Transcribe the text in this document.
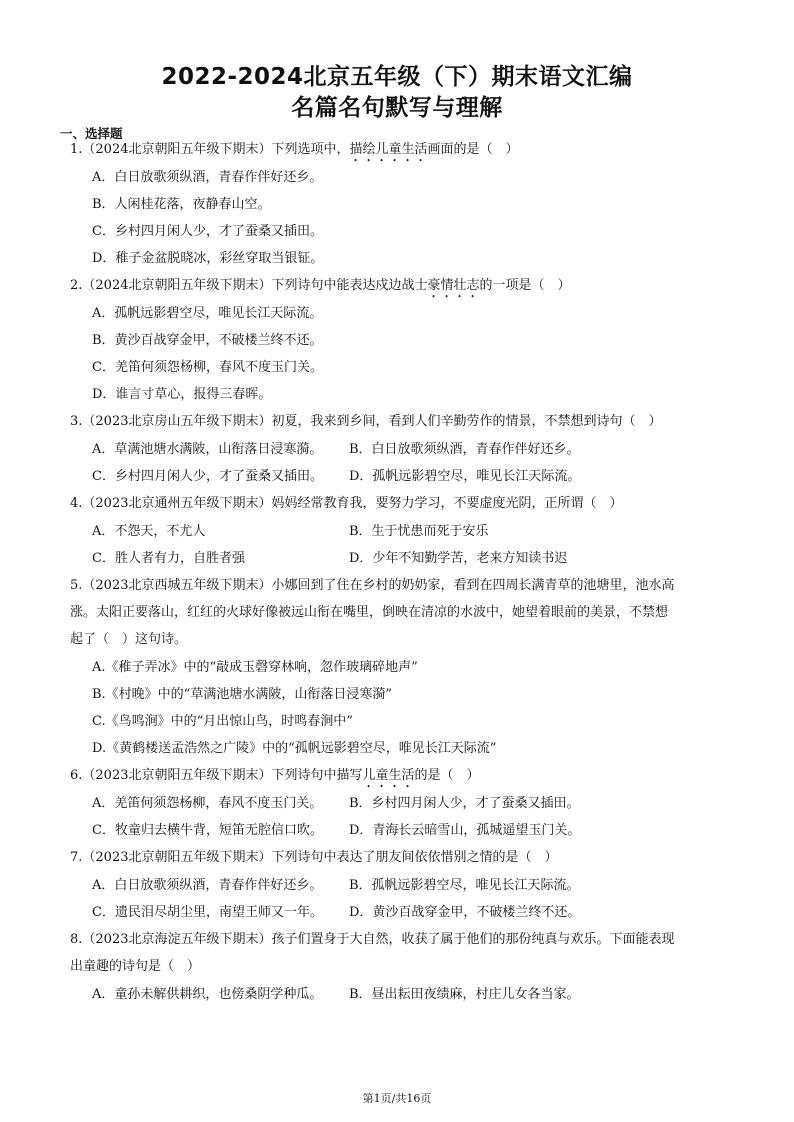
2022-2024北京五年级（下）期末语文汇编
名篇名句默写与理解
一、选择题
1.（2024北京朝阳五年级下期末）下列选项中，描绘儿童生活画面的是（　）
A．白日放歌须纵酒，青春作伴好还乡。
B．人闲桂花落，夜静春山空。
C．乡村四月闲人少，才了蚕桑又插田。
D．稚子金盆脱晓冰，彩丝穿取当银钲。
2.（2024北京朝阳五年级下期末）下列诗句中能表达戍边战士豪情壮志的一项是（　）
A．孤帆远影碧空尽，唯见长江天际流。
B．黄沙百战穿金甲，不破楼兰终不还。
C．羌笛何须怨杨柳，春风不度玉门关。
D．谁言寸草心，报得三春晖。
3.（2023北京房山五年级下期末）初夏，我来到乡间，看到人们辛勤劳作的情景，不禁想到诗句（　）
A．草满池塘水满陂，山衔落日浸寒漪。 B．白日放歌须纵酒，青春作伴好还乡。
C．乡村四月闲人少，才了蚕桑又插田。 D．孤帆远影碧空尽，唯见长江天际流。
4.（2023北京通州五年级下期末）妈妈经常教育我，要努力学习，不要虚度光阴，正所谓（　）
A．不怨天，不尤人	B．生于忧患而死于安乐
C．胜人者有力，自胜者强	D．少年不知勤学苦，老来方知读书迟
5.（2023北京西城五年级下期末）小娜回到了住在乡村的奶奶家，看到在四周长满青草的池塘里，池水高
涨。太阳正要落山，红红的火球好像被远山衔在嘴里，倒映在清凉的水波中，她望着眼前的美景，不禁想
起了（　）这句诗。
A.《稚子弄冰》中的“敲成玉磬穿林响，忽作玻璃碎地声”
B.《村晚》中的“草满池塘水满陂，山衔落日浸寒漪”
C.《鸟鸣涧》中的“月出惊山鸟，时鸣春涧中”
D.《黄鹤楼送孟浩然之广陵》中的“孤帆远影碧空尽，唯见长江天际流”
6.（2023北京朝阳五年级下期末）下列诗句中描写儿童生活的是（　）
A．羌笛何须怨杨柳，春风不度玉门关。 B．乡村四月闲人少，才了蚕桑又插田。
C．牧童归去横牛背，短笛无腔信口吹。 D．青海长云暗雪山，孤城遥望玉门关。
7.（2023北京朝阳五年级下期末）下列诗句中表达了朋友间依依惜别之情的是（　）
A．白日放歌须纵酒，青春作伴好还乡。 B．孤帆远影碧空尽，唯见长江天际流。
C．遗民泪尽胡尘里，南望王师又一年。 D．黄沙百战穿金甲，不破楼兰终不还。
8.（2023北京海淀五年级下期末）孩子们置身于大自然，收获了属于他们的那份纯真与欢乐。下面能表现
出童趣的诗句是（　）
A．童孙未解供耕织，也傍桑阴学种瓜。 B．昼出耘田夜绩麻，村庄儿女各当家。
第1页/共16页
